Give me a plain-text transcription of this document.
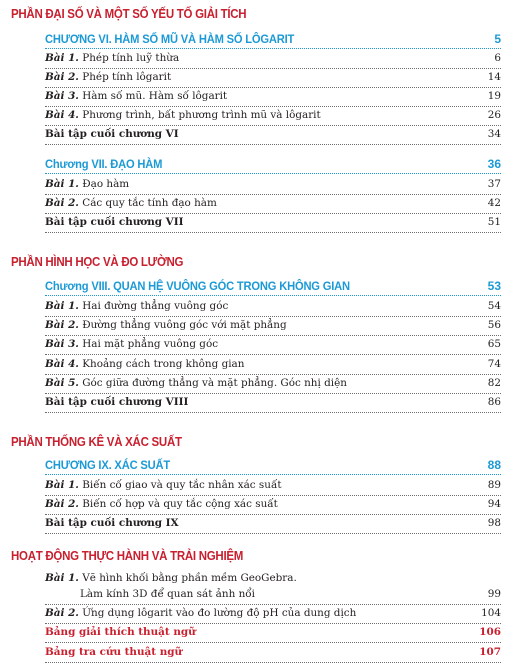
PHẦN ĐẠI SỐ VÀ MỘT SỐ YẾU TỐ GIẢI TÍCH
PHẦN HÌNH HỌC VÀ ĐO LƯỜNG
PHẦN THỐNG KÊ VÀ XÁC SUẤT
HOẠT ĐỘNG THỰC HÀNH VÀ TRẢI NGHIỆM
CHƯƠNG VI. HÀM SỐ MŨ VÀ HÀM SỐ LÔGARIT	5
Bài 1. Phép tính luỹ thừa	6
Bài 2. Phép tính lôgarit	14
Bài 3. Hàm số mũ. Hàm số lôgarit	19
Bài 4. Phương trình, bất phương trình mũ và lôgarit	26
Bài tập cuối chương VI	34
Chương VII. ĐẠO HÀM	36
Bài 1. Đạo hàm	37
Bài 2. Các quy tắc tính đạo hàm	42
Bài tập cuối chương VII	51
Chương VIII. QUAN HỆ VUÔNG GÓC TRONG KHÔNG GIAN	53
Bài 1. Hai đường thẳng vuông góc	54
Bài 2. Đường thẳng vuông góc với mặt phẳng	56
Bài 3. Hai mặt phẳng vuông góc	65
Bài 4. Khoảng cách trong không gian	74
Bài 5. Góc giữa đường thẳng và mặt phẳng. Góc nhị diện	82
Bài tập cuối chương VIII	86
CHƯƠNG IX. XÁC SUẤT	88
Bài 1. Biến cố giao và quy tắc nhân xác suất	89
Bài 2. Biến cố hợp và quy tắc cộng xác suất	94
Bài tập cuối chương IX	98
Bài 1. Vẽ hình khối bằng phần mềm GeoGebra.
Làm kính 3D để quan sát ảnh nổi	99
Bài 2. Ứng dụng lôgarit vào đo lường độ pH của dung dịch	104
Bảng giải thích thuật ngữ	106
Bảng tra cứu thuật ngữ	107
